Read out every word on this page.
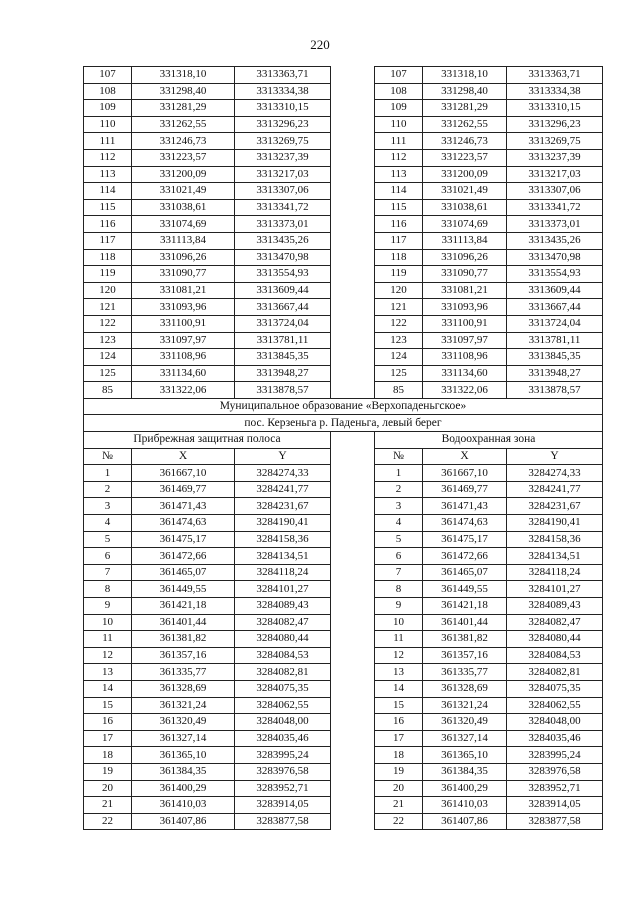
220
107	331318,10	3313363,71		107	331318,10	3313363,71
108	331298,40	3313334,38		108	331298,40	3313334,38
109	331281,29	3313310,15		109	331281,29	3313310,15
110	331262,55	3313296,23		110	331262,55	3313296,23
111	331246,73	3313269,75		111	331246,73	3313269,75
112	331223,57	3313237,39		112	331223,57	3313237,39
113	331200,09	3313217,03		113	331200,09	3313217,03
114	331021,49	3313307,06		114	331021,49	3313307,06
115	331038,61	3313341,72		115	331038,61	3313341,72
116	331074,69	3313373,01		116	331074,69	3313373,01
117	331113,84	3313435,26		117	331113,84	3313435,26
118	331096,26	3313470,98		118	331096,26	3313470,98
119	331090,77	3313554,93		119	331090,77	3313554,93
120	331081,21	3313609,44		120	331081,21	3313609,44
121	331093,96	3313667,44		121	331093,96	3313667,44
122	331100,91	3313724,04		122	331100,91	3313724,04
123	331097,97	3313781,11		123	331097,97	3313781,11
124	331108,96	3313845,35		124	331108,96	3313845,35
125	331134,60	3313948,27		125	331134,60	3313948,27
85	331322,06	3313878,57		85	331322,06	3313878,57
Муниципальное образование «Верхопаденьгское»						
пос. Керзеньга р. Паденьга, левый берег						
Прибрежная защитная полоса				Водоохранная зона		
№	X	Y		№	X	Y
1	361667,10	3284274,33		1	361667,10	3284274,33
2	361469,77	3284241,77		2	361469,77	3284241,77
3	361471,43	3284231,67		3	361471,43	3284231,67
4	361474,63	3284190,41		4	361474,63	3284190,41
5	361475,17	3284158,36		5	361475,17	3284158,36
6	361472,66	3284134,51		6	361472,66	3284134,51
7	361465,07	3284118,24		7	361465,07	3284118,24
8	361449,55	3284101,27		8	361449,55	3284101,27
9	361421,18	3284089,43		9	361421,18	3284089,43
10	361401,44	3284082,47		10	361401,44	3284082,47
11	361381,82	3284080,44		11	361381,82	3284080,44
12	361357,16	3284084,53		12	361357,16	3284084,53
13	361335,77	3284082,81		13	361335,77	3284082,81
14	361328,69	3284075,35		14	361328,69	3284075,35
15	361321,24	3284062,55		15	361321,24	3284062,55
16	361320,49	3284048,00		16	361320,49	3284048,00
17	361327,14	3284035,46		17	361327,14	3284035,46
18	361365,10	3283995,24		18	361365,10	3283995,24
19	361384,35	3283976,58		19	361384,35	3283976,58
20	361400,29	3283952,71		20	361400,29	3283952,71
21	361410,03	3283914,05		21	361410,03	3283914,05
22	361407,86	3283877,58		22	361407,86	3283877,58
